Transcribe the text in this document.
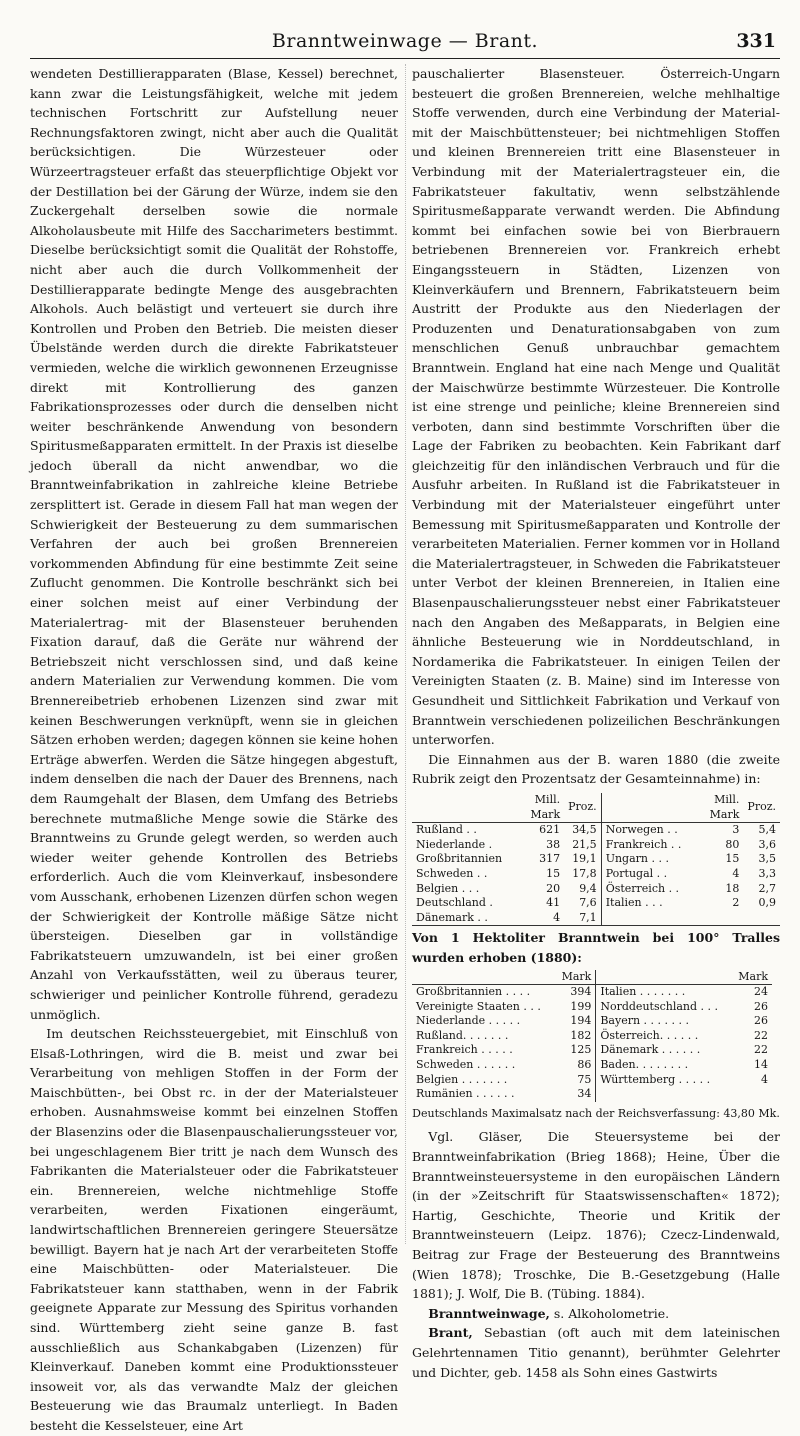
Branntweinwage — Brant.	331

wendeten Destillierapparaten (Blase, Kessel) berechnet, kann zwar die Leistungsfähigkeit, welche mit jedem technischen Fortschritt zur Aufstellung neuer Rechnungsfaktoren zwingt, nicht aber auch die Qualität berücksichtigen. Die Würzesteuer oder Würzeertragsteuer erfaßt das steuerpflichtige Objekt vor der Destillation bei der Gärung der Würze, indem sie den Zuckergehalt derselben sowie die normale Alkoholausbeute mit Hilfe des Saccharimeters bestimmt. Dieselbe berücksichtigt somit die Qualität der Rohstoffe, nicht aber auch die durch Vollkommenheit der Destillierapparate bedingte Menge des ausgebrachten Alkohols. Auch belästigt und verteuert sie durch ihre Kontrollen und Proben den Betrieb. Die meisten dieser Übelstände werden durch die direkte Fabrikatsteuer vermieden, welche die wirklich gewonnenen Erzeugnisse direkt mit Kontrollierung des ganzen Fabrikationsprozesses oder durch die denselben nicht weiter beschränkende Anwendung von besondern Spiritusmeßapparaten ermittelt. In der Praxis ist dieselbe jedoch überall da nicht anwendbar, wo die Branntweinfabrikation in zahlreiche kleine Betriebe zersplittert ist. Gerade in diesem Fall hat man wegen der Schwierigkeit der Besteuerung zu dem summarischen Verfahren der auch bei großen Brennereien vorkommenden Abfindung für eine bestimmte Zeit seine Zuflucht genommen. Die Kontrolle beschränkt sich bei einer solchen meist auf einer Verbindung der Materialertrag- mit der Blasensteuer beruhenden Fixation darauf, daß die Geräte nur während der Betriebszeit nicht verschlossen sind, und daß keine andern Materialien zur Verwendung kommen. Die vom Brennereibetrieb erhobenen Lizenzen sind zwar mit keinen Beschwerungen verknüpft, wenn sie in gleichen Sätzen erhoben werden; dagegen können sie keine hohen Erträge abwerfen. Werden die Sätze hingegen abgestuft, indem denselben die nach der Dauer des Brennens, nach dem Raumgehalt der Blasen, dem Umfang des Betriebs berechnete mutmaßliche Menge sowie die Stärke des Branntweins zu Grunde gelegt werden, so werden auch wieder weiter gehende Kontrollen des Betriebs erforderlich. Auch die vom Kleinverkauf, insbesondere vom Ausschank, erhobenen Lizenzen dürfen schon wegen der Schwierigkeit der Kontrolle mäßige Sätze nicht übersteigen. Dieselben gar in vollständige Fabrikatsteuern umzuwandeln, ist bei einer großen Anzahl von Verkaufsstätten, weil zu überaus teurer, schwieriger und peinlicher Kontrolle führend, geradezu unmöglich.

Im deutschen Reichssteuergebiet, mit Einschluß von Elsaß-Lothringen, wird die B. meist und zwar bei Verarbeitung von mehligen Stoffen in der Form der Maischbütten-, bei Obst rc. in der der Materialsteuer erhoben. Ausnahmsweise kommt bei einzelnen Stoffen der Blasenzins oder die Blasenpauschalierungssteuer vor, bei ungeschlagenem Bier tritt je nach dem Wunsch des Fabrikanten die Materialsteuer oder die Fabrikatsteuer ein. Brennereien, welche nichtmehlige Stoffe verarbeiten, werden Fixationen eingeräumt, landwirtschaftlichen Brennereien geringere Steuersätze bewilligt. Bayern hat je nach Art der verarbeiteten Stoffe eine Maischbütten- oder Materialsteuer. Die Fabrikatsteuer kann statthaben, wenn in der Fabrik geeignete Apparate zur Messung des Spiritus vorhanden sind. Württemberg zieht seine ganze B. fast ausschließlich aus Schankabgaben (Lizenzen) für Kleinverkauf. Daneben kommt eine Produktionssteuer insoweit vor, als das verwandte Malz der gleichen Besteuerung wie das Braumalz unterliegt. In Baden besteht die Kesselsteuer, eine Art

pauschalierter Blasensteuer. Österreich-Ungarn besteuert die großen Brennereien, welche mehlhaltige Stoffe verwenden, durch eine Verbindung der Material- mit der Maischbüttensteuer; bei nichtmehligen Stoffen und kleinen Brennereien tritt eine Blasensteuer in Verbindung mit der Materialertragsteuer ein, die Fabrikatsteuer fakultativ, wenn selbstzählende Spiritusmeßapparate verwandt werden. Die Abfindung kommt bei einfachen sowie bei von Bierbrauern betriebenen Brennereien vor. Frankreich erhebt Eingangssteuern in Städten, Lizenzen von Kleinverkäufern und Brennern, Fabrikatsteuern beim Austritt der Produkte aus den Niederlagen der Produzenten und Denaturationsabgaben von zum menschlichen Genuß unbrauchbar gemachtem Branntwein. England hat eine nach Menge und Qualität der Maischwürze bestimmte Würzesteuer. Die Kontrolle ist eine strenge und peinliche; kleine Brennereien sind verboten, dann sind bestimmte Vorschriften über die Lage der Fabriken zu beobachten. Kein Fabrikant darf gleichzeitig für den inländischen Verbrauch und für die Ausfuhr arbeiten. In Rußland ist die Fabrikatsteuer in Verbindung mit der Materialsteuer eingeführt unter Bemessung mit Spiritusmeßapparaten und Kontrolle der verarbeiteten Materialien. Ferner kommen vor in Holland die Materialertragsteuer, in Schweden die Fabrikatsteuer unter Verbot der kleinen Brennereien, in Italien eine Blasenpauschalierungssteuer nebst einer Fabrikatsteuer nach den Angaben des Meßapparats, in Belgien eine ähnliche Besteuerung wie in Norddeutschland, in Nordamerika die Fabrikatsteuer. In einigen Teilen der Vereinigten Staaten (z. B. Maine) sind im Interesse von Gesundheit und Sittlichkeit Fabrikation und Verkauf von Branntwein verschiedenen polizeilichen Beschränkungen unterworfen.

Die Einnahmen aus der B. waren 1880 (die zweite Rubrik zeigt den Prozentsatz der Gesamteinnahme) in:

	Mill. Mark	Proz.		Mill. Mark	Proz.
Rußland . .	621	34,5	Norwegen . .	3	5,4
Niederlande .	38	21,5	Frankreich . .	80	3,6
Großbritannien	317	19,1	Ungarn . . .	15	3,5
Schweden . .	15	17,8	Portugal . .	4	3,3
Belgien . . .	20	9,4	Österreich . .	18	2,7
Deutschland .	41	7,6	Italien . . .	2	0,9
Dänemark . .	4	7,1			

Von 1 Hektoliter Branntwein bei 100° Tralles wurden erhoben (1880):

	Mark		Mark
Großbritannien . . . .	394	Italien . . . . . . .	24
Vereinigte Staaten . . .	199	Norddeutschland . . .	26
Niederlande . . . . .	194	Bayern . . . . . . .	26
Rußland. . . . . . .	182	Österreich. . . . . .	22
Frankreich . . . . .	125	Dänemark . . . . . .	22
Schweden . . . . . .	86	Baden. . . . . . . .	14
Belgien . . . . . . .	75	Württemberg . . . . .	4
Rumänien . . . . . .	34		
Deutschlands Maximalsatz nach der Reichsverfassung: 43,80 Mk.

Vgl. Gläser, Die Steuersysteme bei der Branntweinfabrikation (Brieg 1868); Heine, Über die Branntweinsteuersysteme in den europäischen Ländern (in der »Zeitschrift für Staatswissenschaften« 1872); Hartig, Geschichte, Theorie und Kritik der Branntweinsteuern (Leipz. 1876); Czecz-Lindenwald, Beitrag zur Frage der Besteuerung des Branntweins (Wien 1878); Troschke, Die B.-Gesetzgebung (Halle 1881); J. Wolf, Die B. (Tübing. 1884).

Branntweinwage, s. Alkoholometrie.

Brant, Sebastian (oft auch mit dem lateinischen Gelehrtennamen Titio genannt), berühmter Gelehrter und Dichter, geb. 1458 als Sohn eines Gastwirts
